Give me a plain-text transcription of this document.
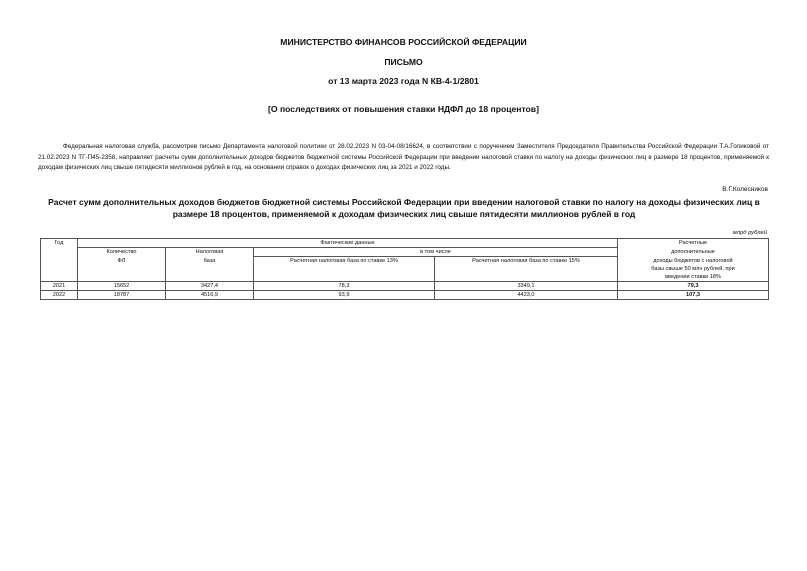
МИНИСТЕРСТВО ФИНАНСОВ РОССИЙСКОЙ ФЕДЕРАЦИИ
ПИСЬМО
от 13 марта 2023 года N КВ-4-1/2801
[О последствиях от повышения ставки НДФЛ до 18 процентов]
Федеральная налоговая служба, рассмотрев письмо Департамента налоговой политики от 28.02.2023 N 03-04-08/16624, в соответствии с поручением Заместителя Председателя Правительства Российской Федерации Т.А.Голиковой от 21.02.2023 N ТГ-П45-2358, направляет расчеты сумм дополнительных доходов бюджетов бюджетной системы Российской Федерации при введении налоговой ставки по налогу на доходы физических лиц в размере 18 процентов, применяемой к доходам физических лиц свыше пятидесяти миллионов рублей в год, на основании справок о доходах физических лиц за 2021 и 2022 годы.
В.Г.Колесников
Расчет сумм дополнительных доходов бюджетов бюджетной системы Российской Федерации при введении налоговой ставки по налогу на доходы физических лиц в размере 18 процентов, применяемой к доходам физических лиц свыше пятидесяти миллионов рублей в год
млрд рублей
Год	Фактические данные				Расчетные
	Количество	Налоговая	в том числе		дополнительные
	ФЛ	база	Расчетная налоговая база по ставке 13%	Расчетная налоговая база по ставке 15%	доходы бюджетов с налоговой

					базы свыше 50 млн рублей, при
введении ставки 18%

2021	15652	3427,4	78,3	3349,1	79,3
2022	18787	4516,9	93,9	4423,0	107,3
